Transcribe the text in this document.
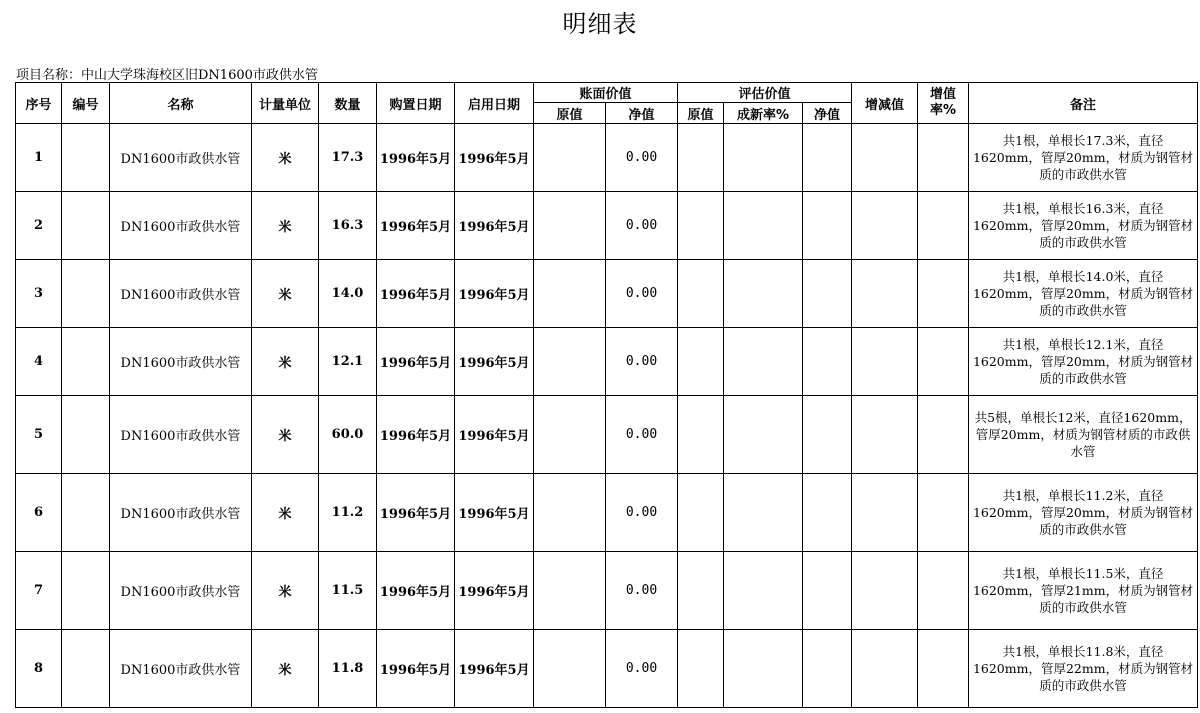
明细表
项目名称：中山大学珠海校区旧DN1600市政供水管
序号	编号	名称	计量单位	数量	购置日期	启用日期	账面价值		评估价值			增减值	增值率%	备注
							原值	净值	原值	成新率%	净值			
1		DN1600市政供水管	米	17.3	1996年5月	1996年5月		0.00						共1根，单根长17.3米，直径1620mm，管厚20mm，材质为钢管材质的市政供水管
2		DN1600市政供水管	米	16.3	1996年5月	1996年5月		0.00						共1根，单根长16.3米，直径1620mm，管厚20mm，材质为钢管材质的市政供水管
3		DN1600市政供水管	米	14.0	1996年5月	1996年5月		0.00						共1根，单根长14.0米，直径1620mm，管厚20mm，材质为钢管材质的市政供水管
4		DN1600市政供水管	米	12.1	1996年5月	1996年5月		0.00						共1根，单根长12.1米，直径1620mm，管厚20mm，材质为钢管材质的市政供水管
5		DN1600市政供水管	米	60.0	1996年5月	1996年5月		0.00						共5根，单根长12米，直径1620mm，管厚20mm，材质为钢管材质的市政供水管
6		DN1600市政供水管	米	11.2	1996年5月	1996年5月		0.00						共1根，单根长11.2米，直径1620mm，管厚20mm，材质为钢管材质的市政供水管
7		DN1600市政供水管	米	11.5	1996年5月	1996年5月		0.00						共1根，单根长11.5米，直径1620mm，管厚21mm，材质为钢管材质的市政供水管
8		DN1600市政供水管	米	11.8	1996年5月	1996年5月		0.00						共1根，单根长11.8米，直径1620mm，管厚22mm，材质为钢管材质的市政供水管
